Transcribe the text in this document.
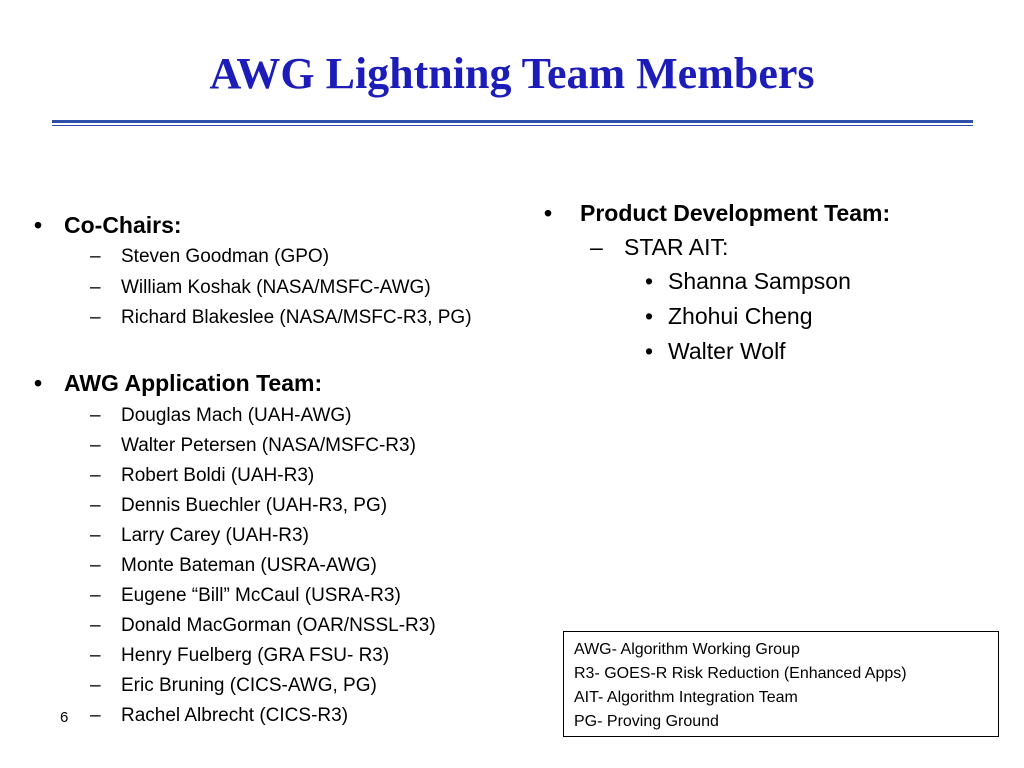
AWG Lightning Team Members
• Co-Chairs:
– Steven Goodman (GPO)
– William Koshak (NASA/MSFC-AWG)
– Richard Blakeslee (NASA/MSFC-R3, PG)
• AWG Application Team:
– Douglas Mach (UAH-AWG)
– Walter Petersen (NASA/MSFC-R3)
– Robert Boldi (UAH-R3)
– Dennis Buechler (UAH-R3, PG)
– Larry Carey (UAH-R3)
– Monte Bateman (USRA-AWG)
– Eugene “Bill” McCaul (USRA-R3)
– Donald MacGorman (OAR/NSSL-R3)
– Henry Fuelberg (GRA FSU- R3)
– Eric Bruning (CICS-AWG, PG)
– Rachel Albrecht (CICS-R3)
6
• Product Development Team:
– STAR AIT:
• Shanna Sampson
• Zhohui Cheng
• Walter Wolf
AWG- Algorithm Working Group
R3- GOES-R Risk Reduction (Enhanced Apps)
AIT- Algorithm Integration Team
PG- Proving Ground
